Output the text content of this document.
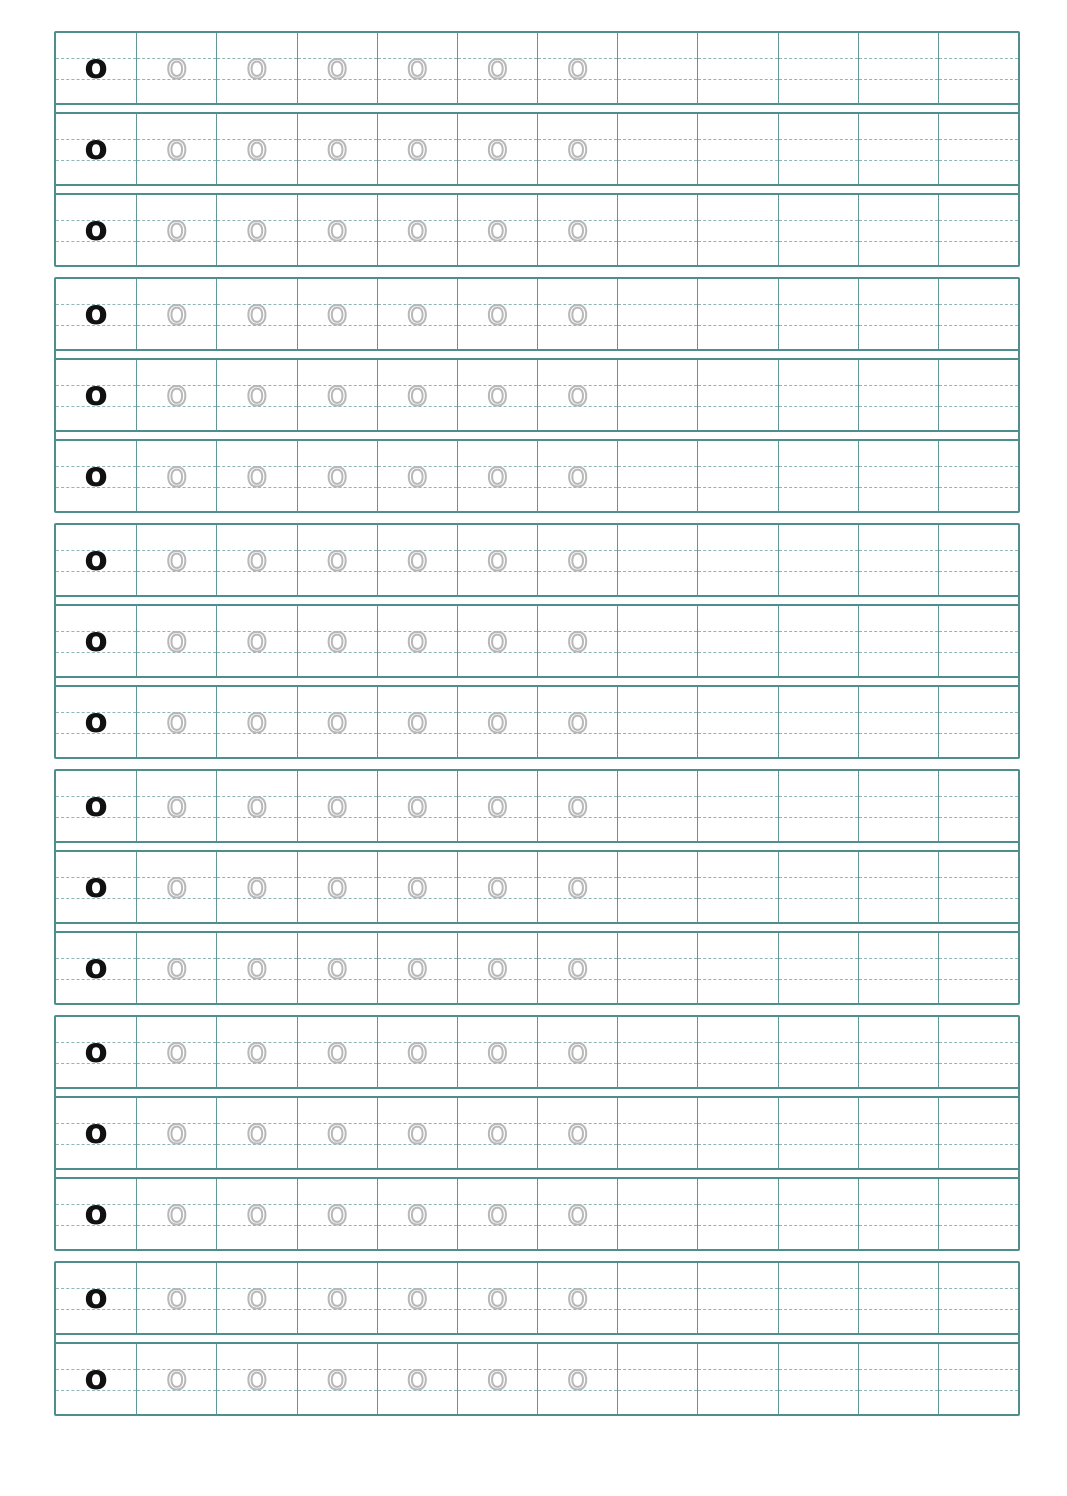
o o o o o o o
o o o o o o o
o o o o o o o
o o o o o o o
o o o o o o o
o o o o o o o
o o o o o o o
o o o o o o o
o o o o o o o
o o o o o o o
o o o o o o o
o o o o o o o
o o o o o o o
o o o o o o o
o o o o o o o
o o o o o o o
o o o o o o o
